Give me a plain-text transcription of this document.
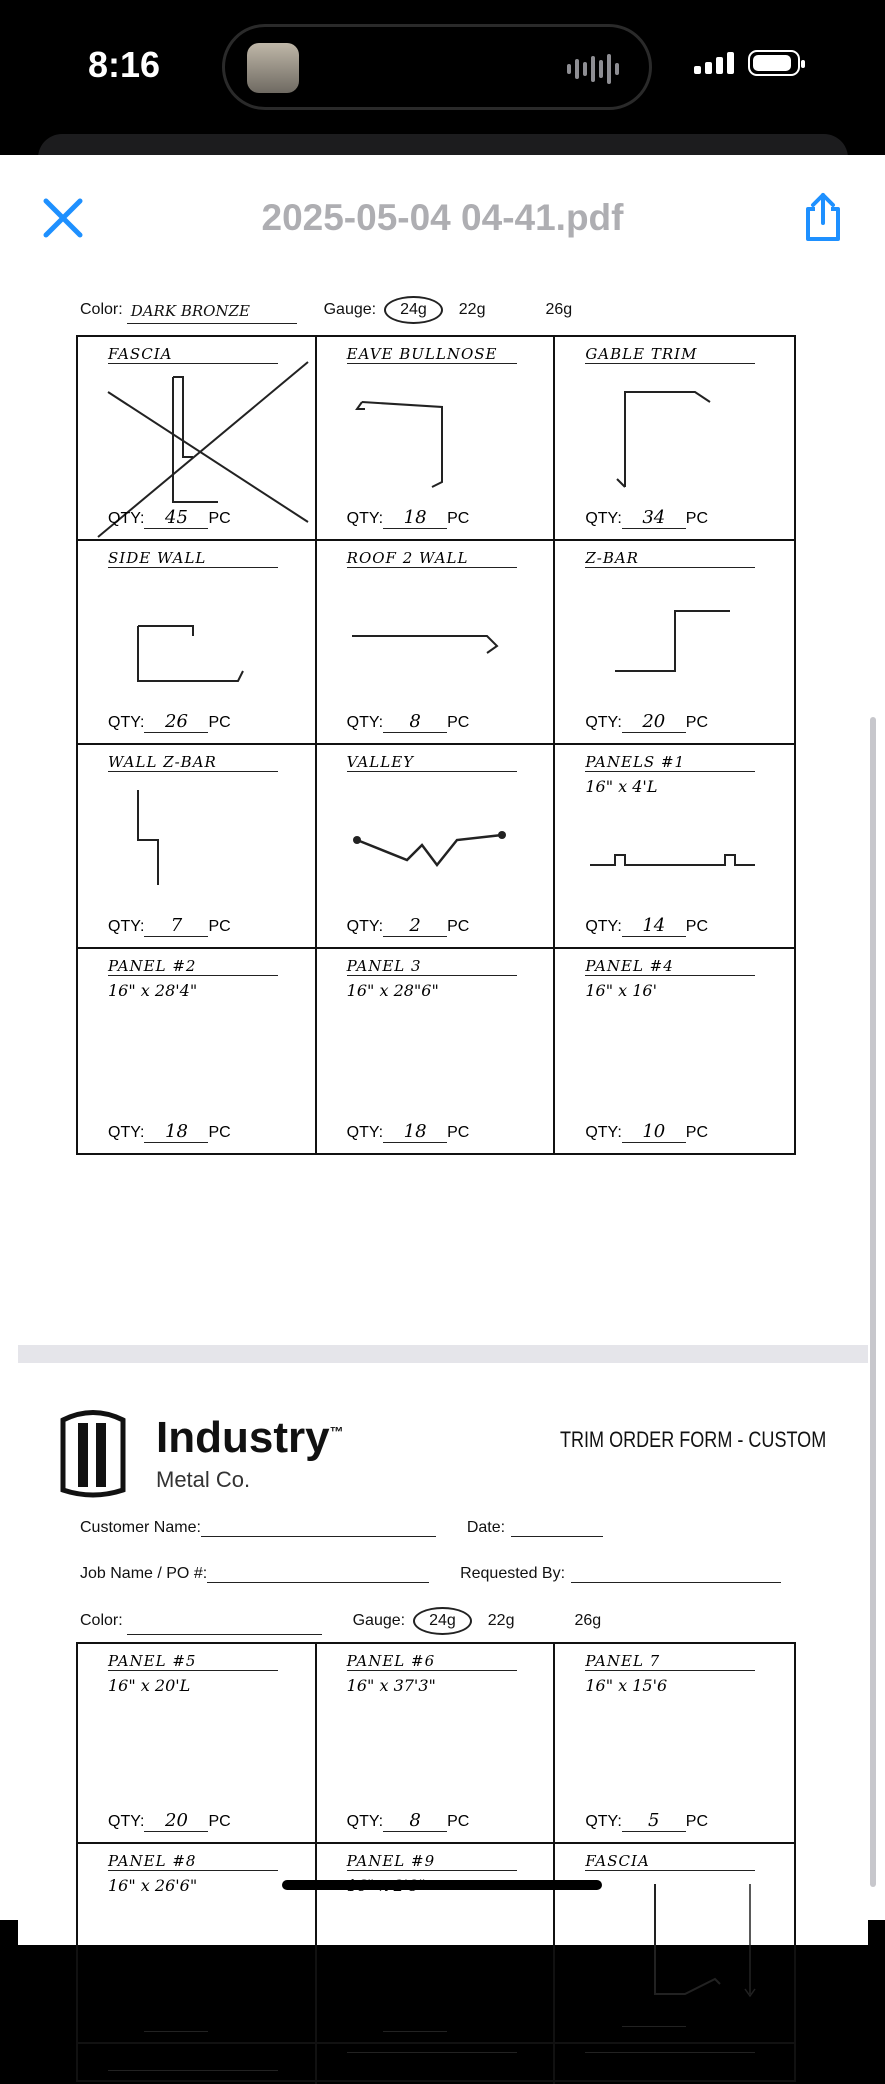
8:16
2025-05-04 04-41.pdf
Color: DARK BRONZE	Gauge: 24g 22g	26g
FASCIA
QTY: 45 PC
EAVE BULLNOSE
QTY: 18 PC
GABLE TRIM
QTY: 34 PC
SIDE WALL
QTY: 26 PC
ROOF 2 WALL
QTY: 8 PC
Z-BAR
QTY: 20 PC
WALL Z-BAR
QTY: 7 PC
VALLEY
QTY: 2 PC
PANELS #1
16" x 4'L
QTY: 14 PC
PANEL #2
16" x 28'4"
QTY: 18 PC
PANEL 3
16" x 28"6"
QTY: 18 PC
PANEL #4
16" x 16'
QTY: 10 PC
Industry™
Metal Co.
TRIM ORDER FORM - CUSTOM
Customer Name:	Date:
Job Name / PO #:	Requested By:
Color:	Gauge: 24g 22g	26g
PANEL #5
16" x 20'L
QTY: 20 PC
PANEL #6
16" x 37'3"
QTY: 8 PC
PANEL 7
16" x 15'6
QTY: 5 PC
PANEL #8
16" x 26'6"
QTY: 11 PC
PANEL #9
QTY: 17 PC
FASCIA
QTY:	PC
COPING CAP
